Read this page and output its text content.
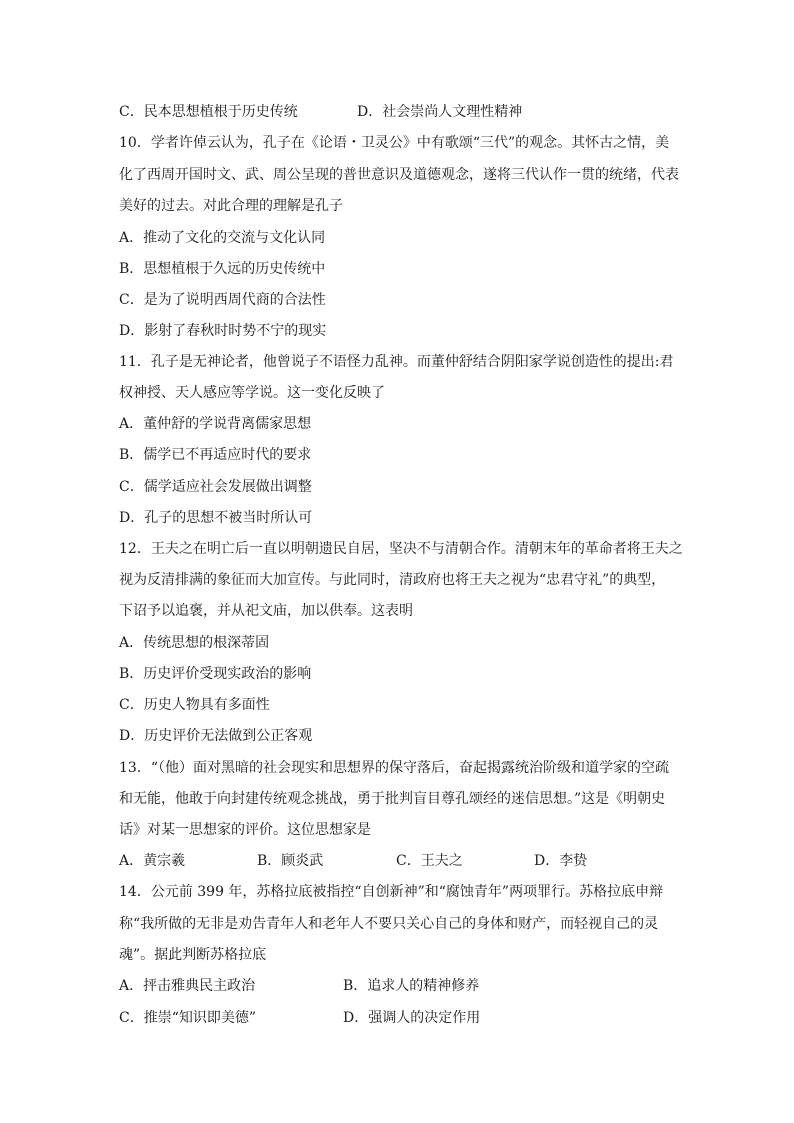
C．民本思想植根于历史传统	D．社会崇尚人文理性精神
10．学者许倬云认为，孔子在《论语・卫灵公》中有歌颂“三代”的观念。其怀古之情，美
化了西周开国时文、武、周公呈现的普世意识及道德观念，遂将三代认作一贯的统绪，代表
美好的过去。对此合理的理解是孔子
A．推动了文化的交流与文化认同
B．思想植根于久远的历史传统中
C．是为了说明西周代商的合法性
D．影射了春秋时时势不宁的现实
11．孔子是无神论者，他曾说子不语怪力乱神。而董仲舒结合阴阳家学说创造性的提出:君
权神授、天人感应等学说。这一变化反映了
A．董仲舒的学说背离儒家思想
B．儒学已不再适应时代的要求
C．儒学适应社会发展做出调整
D．孔子的思想不被当时所认可
12．王夫之在明亡后一直以明朝遗民自居，坚决不与清朝合作。清朝末年的革命者将王夫之
视为反清排满的象征而大加宣传。与此同时，清政府也将王夫之视为“忠君守礼”的典型，
下诏予以追褒，并从祀文庙，加以供奉。这表明
A．传统思想的根深蒂固
B．历史评价受现实政治的影响
C．历史人物具有多面性
D．历史评价无法做到公正客观
13．“（他）面对黑暗的社会现实和思想界的保守落后，奋起揭露统治阶级和道学家的空疏
和无能，他敢于向封建传统观念挑战，勇于批判盲目尊孔颂经的迷信思想。”这是《明朝史
话》对某一思想家的评价。这位思想家是
A．黄宗羲	B．顾炎武	C．王夫之	D．李贽
14．公元前 399 年，苏格拉底被指控“自创新神”和“腐蚀青年”两项罪行。苏格拉底申辩
称“我所做的无非是劝告青年人和老年人不要只关心自己的身体和财产，而轻视自己的灵
魂”。据此判断苏格拉底
A．抨击雅典民主政治	B．追求人的精神修养
C．推崇“知识即美德”	D．强调人的决定作用
